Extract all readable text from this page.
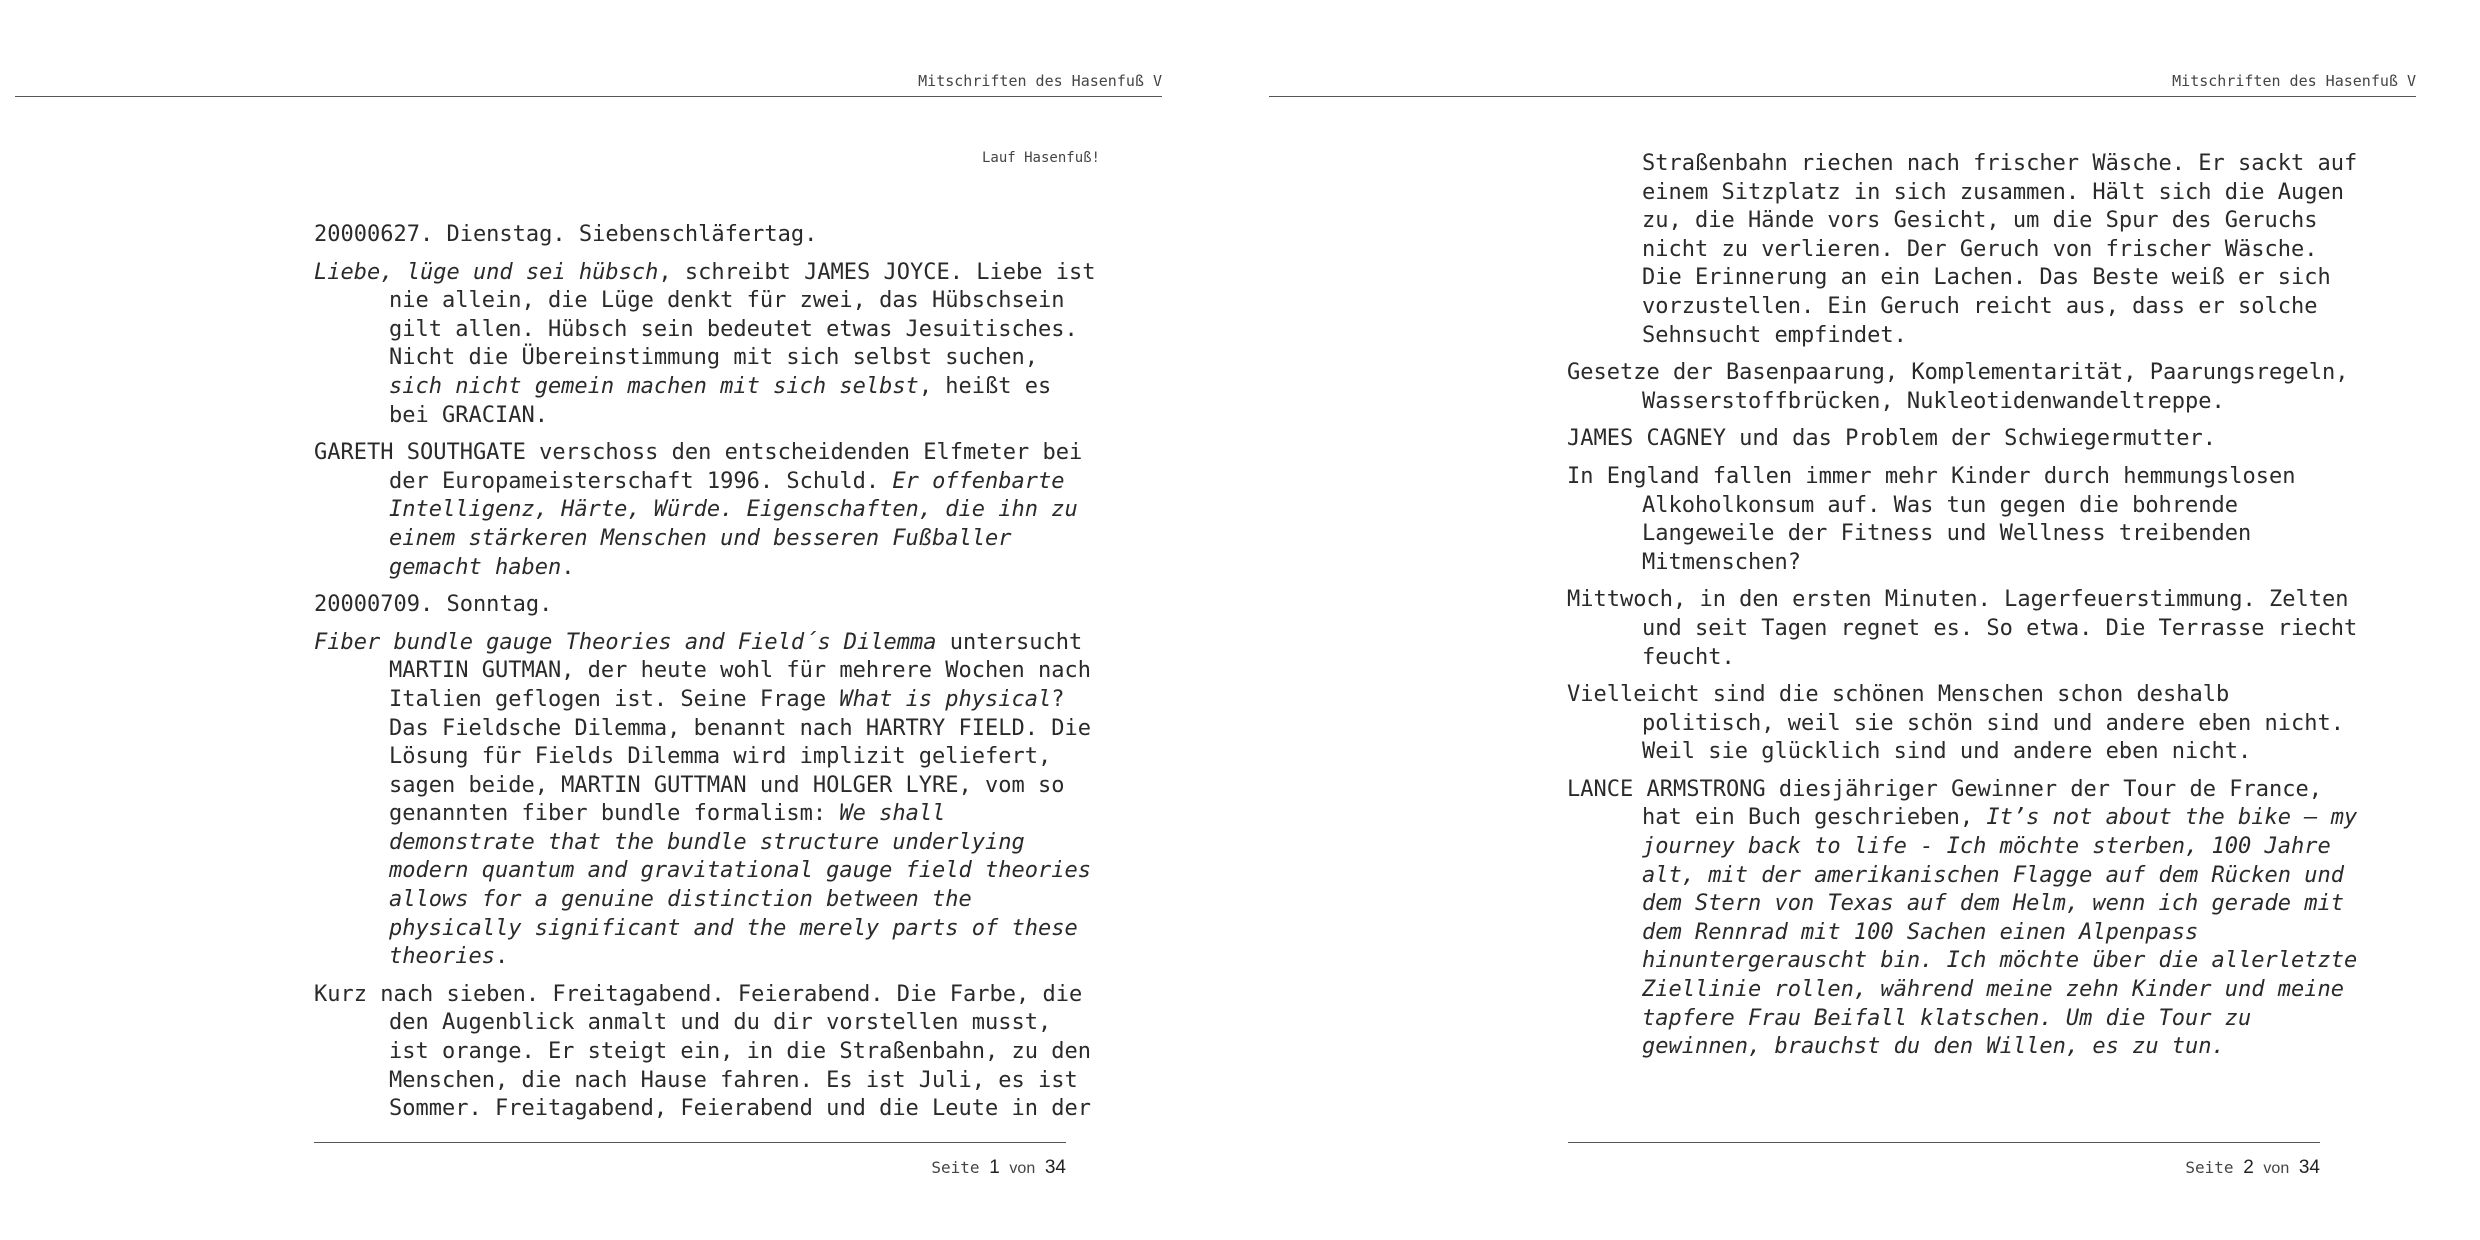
Mitschriften des Hasenfuß V
Lauf Hasenfuß!

20000627. Dienstag. Siebenschläfertag.

Liebe, lüge und sei hübsch, schreibt JAMES JOYCE. Liebe ist nie allein, die Lüge denkt für zwei, das Hübschsein gilt allen. Hübsch sein bedeutet etwas Jesuitisches. Nicht die Übereinstimmung mit sich selbst suchen, sich nicht gemein machen mit sich selbst, heißt es bei GRACIAN.

GARETH SOUTHGATE verschoss den entscheidenden Elfmeter bei der Europameisterschaft 1996. Schuld. Er offenbarte Intelligenz, Härte, Würde. Eigenschaften, die ihn zu einem stärkeren Menschen und besseren Fußballer gemacht haben.

20000709. Sonntag.

Fiber bundle gauge Theories and Field´s Dilemma untersucht MARTIN GUTMAN, der heute wohl für mehrere Wochen nach Italien geflogen ist. Seine Frage What is physical? Das Fieldsche Dilemma, benannt nach HARTRY FIELD. Die Lösung für Fields Dilemma wird implizit geliefert, sagen beide, MARTIN GUTTMAN und HOLGER LYRE, vom so genannten fiber bundle formalism: We shall demonstrate that the bundle structure underlying modern quantum and gravitational gauge field theories allows for a genuine distinction between the physically significant and the merely parts of these theories.

Kurz nach sieben. Freitagabend. Feierabend. Die Farbe, die den Augenblick anmalt und du dir vorstellen musst, ist orange. Er steigt ein, in die Straßenbahn, zu den Menschen, die nach Hause fahren. Es ist Juli, es ist Sommer. Freitagabend, Feierabend und die Leute in der

Seite 1 von 34
Mitschriften des Hasenfuß V

Straßenbahn riechen nach frischer Wäsche. Er sackt auf einem Sitzplatz in sich zusammen. Hält sich die Augen zu, die Hände vors Gesicht, um die Spur des Geruchs nicht zu verlieren. Der Geruch von frischer Wäsche. Die Erinnerung an ein Lachen. Das Beste weiß er sich vorzustellen. Ein Geruch reicht aus, dass er solche Sehnsucht empfindet.

Gesetze der Basenpaarung, Komplementarität, Paarungsregeln, Wasserstoffbrücken, Nukleotidenwandeltreppe.

JAMES CAGNEY und das Problem der Schwiegermutter.

In England fallen immer mehr Kinder durch hemmungslosen Alkoholkonsum auf. Was tun gegen die bohrende Langeweile der Fitness und Wellness treibenden Mitmenschen?

Mittwoch, in den ersten Minuten. Lagerfeuerstimmung. Zelten und seit Tagen regnet es. So etwa. Die Terrasse riecht feucht.

Vielleicht sind die schönen Menschen schon deshalb politisch, weil sie schön sind und andere eben nicht. Weil sie glücklich sind und andere eben nicht.

LANCE ARMSTRONG diesjähriger Gewinner der Tour de France, hat ein Buch geschrieben, It’s not about the bike – my journey back to life - Ich möchte sterben, 100 Jahre alt, mit der amerikanischen Flagge auf dem Rücken und dem Stern von Texas auf dem Helm, wenn ich gerade mit dem Rennrad mit 100 Sachen einen Alpenpass hinuntergerauscht bin. Ich möchte über die allerletzte Ziellinie rollen, während meine zehn Kinder und meine tapfere Frau Beifall klatschen. Um die Tour zu gewinnen, brauchst du den Willen, es zu tun.

Seite 2 von 34
